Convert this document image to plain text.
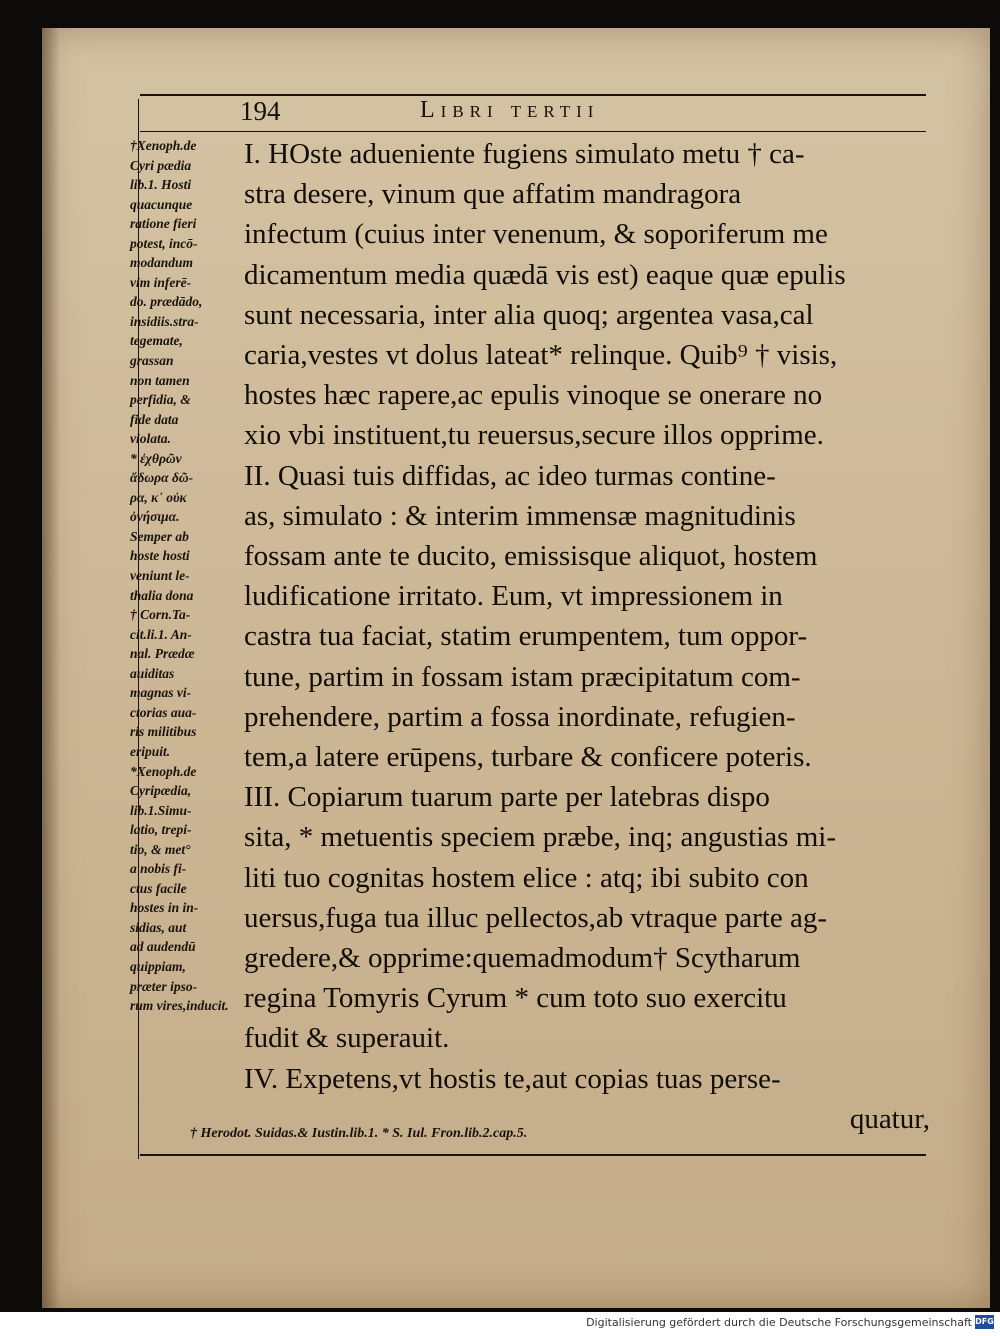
194	Libri tertii
†Xenoph.de
Cyri pædia
lib.1. Hosti
quacunque
ratione fieri
potest, incō-
modandum
vim inferē-
do. prædādo,
insidiis.stra-
tegemate,
grassan
non tamen
perfidia, &
fide data
violata.
* ἐχθρῶν
ἄδωρα δῶ-
ρα, κ᾽ οὐκ
ὀνήσιμα.
Semper ab
hoste hosti
veniunt le-
thalia dona
† Corn.Ta-
cit.li.1. An-
nal. Prædæ
auiditas
magnas vi-
ctorias aua-
ris militibus
eripuit.
*Xenoph.de
Cyripædia,
lib.1.Simu-
latio, trepi-
tio, & met°
a nobis fi-
ctus facile
hostes in in-
sidias, aut
ad audendū
quippiam,
præter ipso-
rum vires,inducit.
I. HOste adueniente fugiens simulato metu † ca-
stra desere, vinum que affatim mandragora
infectum (cuius inter venenum, & soporiferum me
dicamentum media quædā vis est) eaque quæ epulis
sunt necessaria, inter alia quoq; argentea vasa,cal
caria,vestes vt dolus lateat* relinque. Quib⁹ † visis,
hostes hæc rapere,ac epulis vinoque se onerare no
xio vbi instituent,tu reuersus,secure illos opprime.
II. Quasi tuis diffidas, ac ideo turmas contine-
as, simulato : & interim immensæ magnitudinis
fossam ante te ducito, emissisque aliquot, hostem
ludificatione irritato. Eum, vt impressionem in
castra tua faciat, statim erumpentem, tum oppor-
tune, partim in fossam istam præcipitatum com-
prehendere, partim a fossa inordinate, refugien-
tem,a latere erūpens, turbare & conficere poteris.
III. Copiarum tuarum parte per latebras dispo
sita, * metuentis speciem præbe, inq; angustias mi-
liti tuo cognitas hostem elice : atq; ibi subito con
uersus,fuga tua illuc pellectos,ab vtraque parte ag-
gredere,& opprime:quemadmodum† Scytharum
regina Tomyris Cyrum * cum toto suo exercitu
fudit & superauit.
IV. Expetens,vt hostis te,aut copias tuas perse-
quatur,
† Herodot. Suidas.& Iustin.lib.1. * S. Iul. Fron.lib.2.cap.5.
Digitalisierung gefördert durch die Deutsche Forschungsgemeinschaft DFG
